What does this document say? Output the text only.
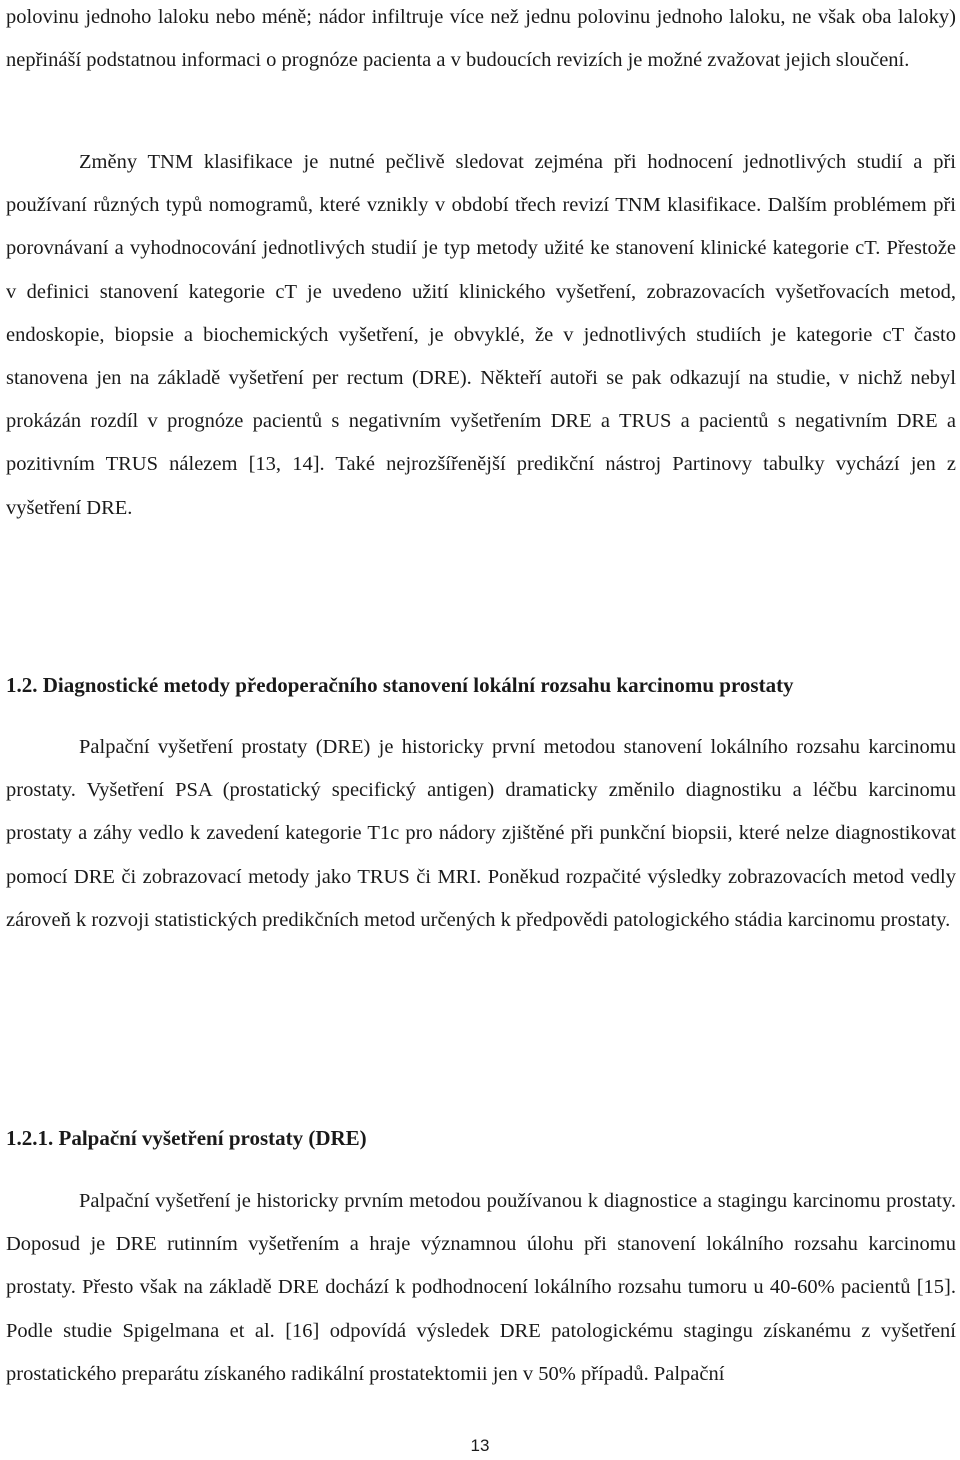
polovinu jednoho laloku nebo méně; nádor infiltruje více než jednu polovinu jednoho laloku, ne však oba laloky) nepřináší podstatnou informaci o prognóze pacienta a v budoucích revizích je možné zvažovat jejich sloučení.

Změny TNM klasifikace je nutné pečlivě sledovat zejména při hodnocení jednotlivých studií a při používaní různých typů nomogramů, které vznikly v období třech revizí TNM klasifikace. Dalším problémem při porovnávaní a vyhodnocování jednotlivých studií je typ metody užité ke stanovení klinické kategorie cT. Přestože v definici stanovení kategorie cT je uvedeno užití klinického vyšetření, zobrazovacích vyšetřovacích metod, endoskopie, biopsie a biochemických vyšetření, je obvyklé, že v jednotlivých studiích je kategorie cT často stanovena jen na základě vyšetření per rectum (DRE). Někteří autoři se pak odkazují na studie, v nichž nebyl prokázán rozdíl v prognóze pacientů s negativním vyšetřením DRE a TRUS a pacientů s negativním DRE a pozitivním TRUS nálezem [13, 14]. Také nejrozšířenější predikční nástroj Partinovy tabulky vychází jen z vyšetření DRE.

1.2. Diagnostické metody předoperačního stanovení lokální rozsahu karcinomu prostaty

Palpační vyšetření prostaty (DRE) je historicky první metodou stanovení lokálního rozsahu karcinomu prostaty. Vyšetření PSA (prostatický specifický antigen) dramaticky změnilo diagnostiku a léčbu karcinomu prostaty a záhy vedlo k zavedení kategorie T1c pro nádory zjištěné při punkční biopsii, které nelze diagnostikovat pomocí DRE či zobrazovací metody jako TRUS či MRI. Poněkud rozpačité výsledky zobrazovacích metod vedly zároveň k rozvoji statistických predikčních metod určených k předpovědi patologického stádia karcinomu prostaty.

1.2.1. Palpační vyšetření prostaty (DRE)

Palpační vyšetření je historicky prvním metodou používanou k diagnostice a stagingu karcinomu prostaty. Doposud je DRE rutinním vyšetřením a hraje významnou úlohu při stanovení lokálního rozsahu karcinomu prostaty. Přesto však na základě DRE dochází k podhodnocení lokálního rozsahu tumoru u 40-60% pacientů [15]. Podle studie Spigelmana et al. [16] odpovídá výsledek DRE patologickému stagingu získanému z vyšetření prostatického preparátu získaného radikální prostatektomii jen v 50% případů. Palpační

13
